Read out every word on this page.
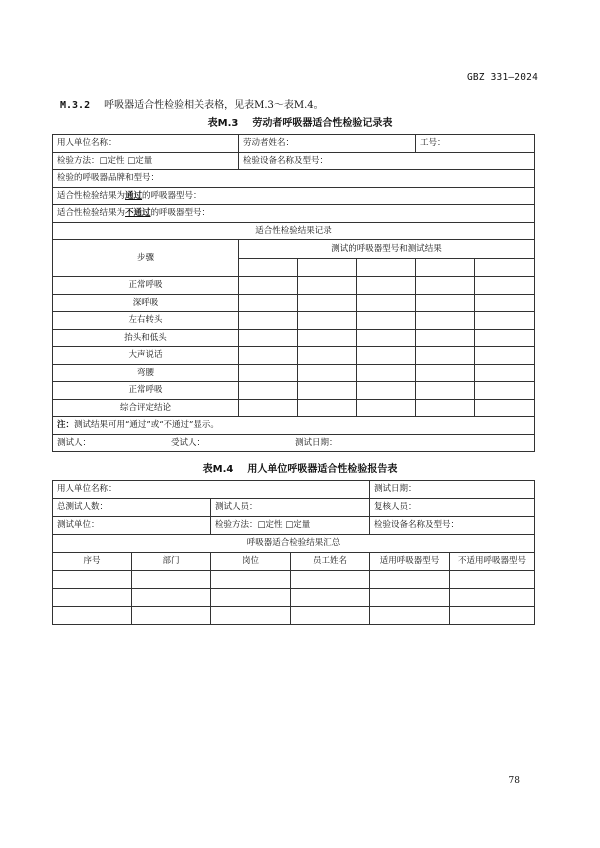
GBZ 331—2024
M.3.2 呼吸器适合性检验相关表格，见表M.3～表M.4。
表M.3 劳动者呼吸器适合性检验记录表
用人单位名称：	劳动者姓名：			工号：	
检验方法：□定性 □定量	检验设备名称及型号：				
检验的呼吸器品牌和型号：					
适合性检验结果为通过的呼吸器型号：					
适合性检验结果为不通过的呼吸器型号：					
适合性检验结果记录					
步骤	测试的呼吸器型号和测试结果				

正常呼吸					
深呼吸					
左右转头					
抬头和低头					
大声说话					
弯腰					
正常呼吸					
综合评定结论					
注：测试结果可用“通过”或“不通过”显示。					
测试人： 受试人： 测试日期：					
表M.4 用人单位呼吸器适合性检验报告表
用人单位名称：				测试日期：	
总测试人数：		测试人员：		复核人员：	
测试单位：		检验方法：□定性 □定量		检验设备名称及型号：	
呼吸器适合检验结果汇总					
序号	部门	岗位	员工姓名	适用呼吸器型号	不适用呼吸器型号

78
